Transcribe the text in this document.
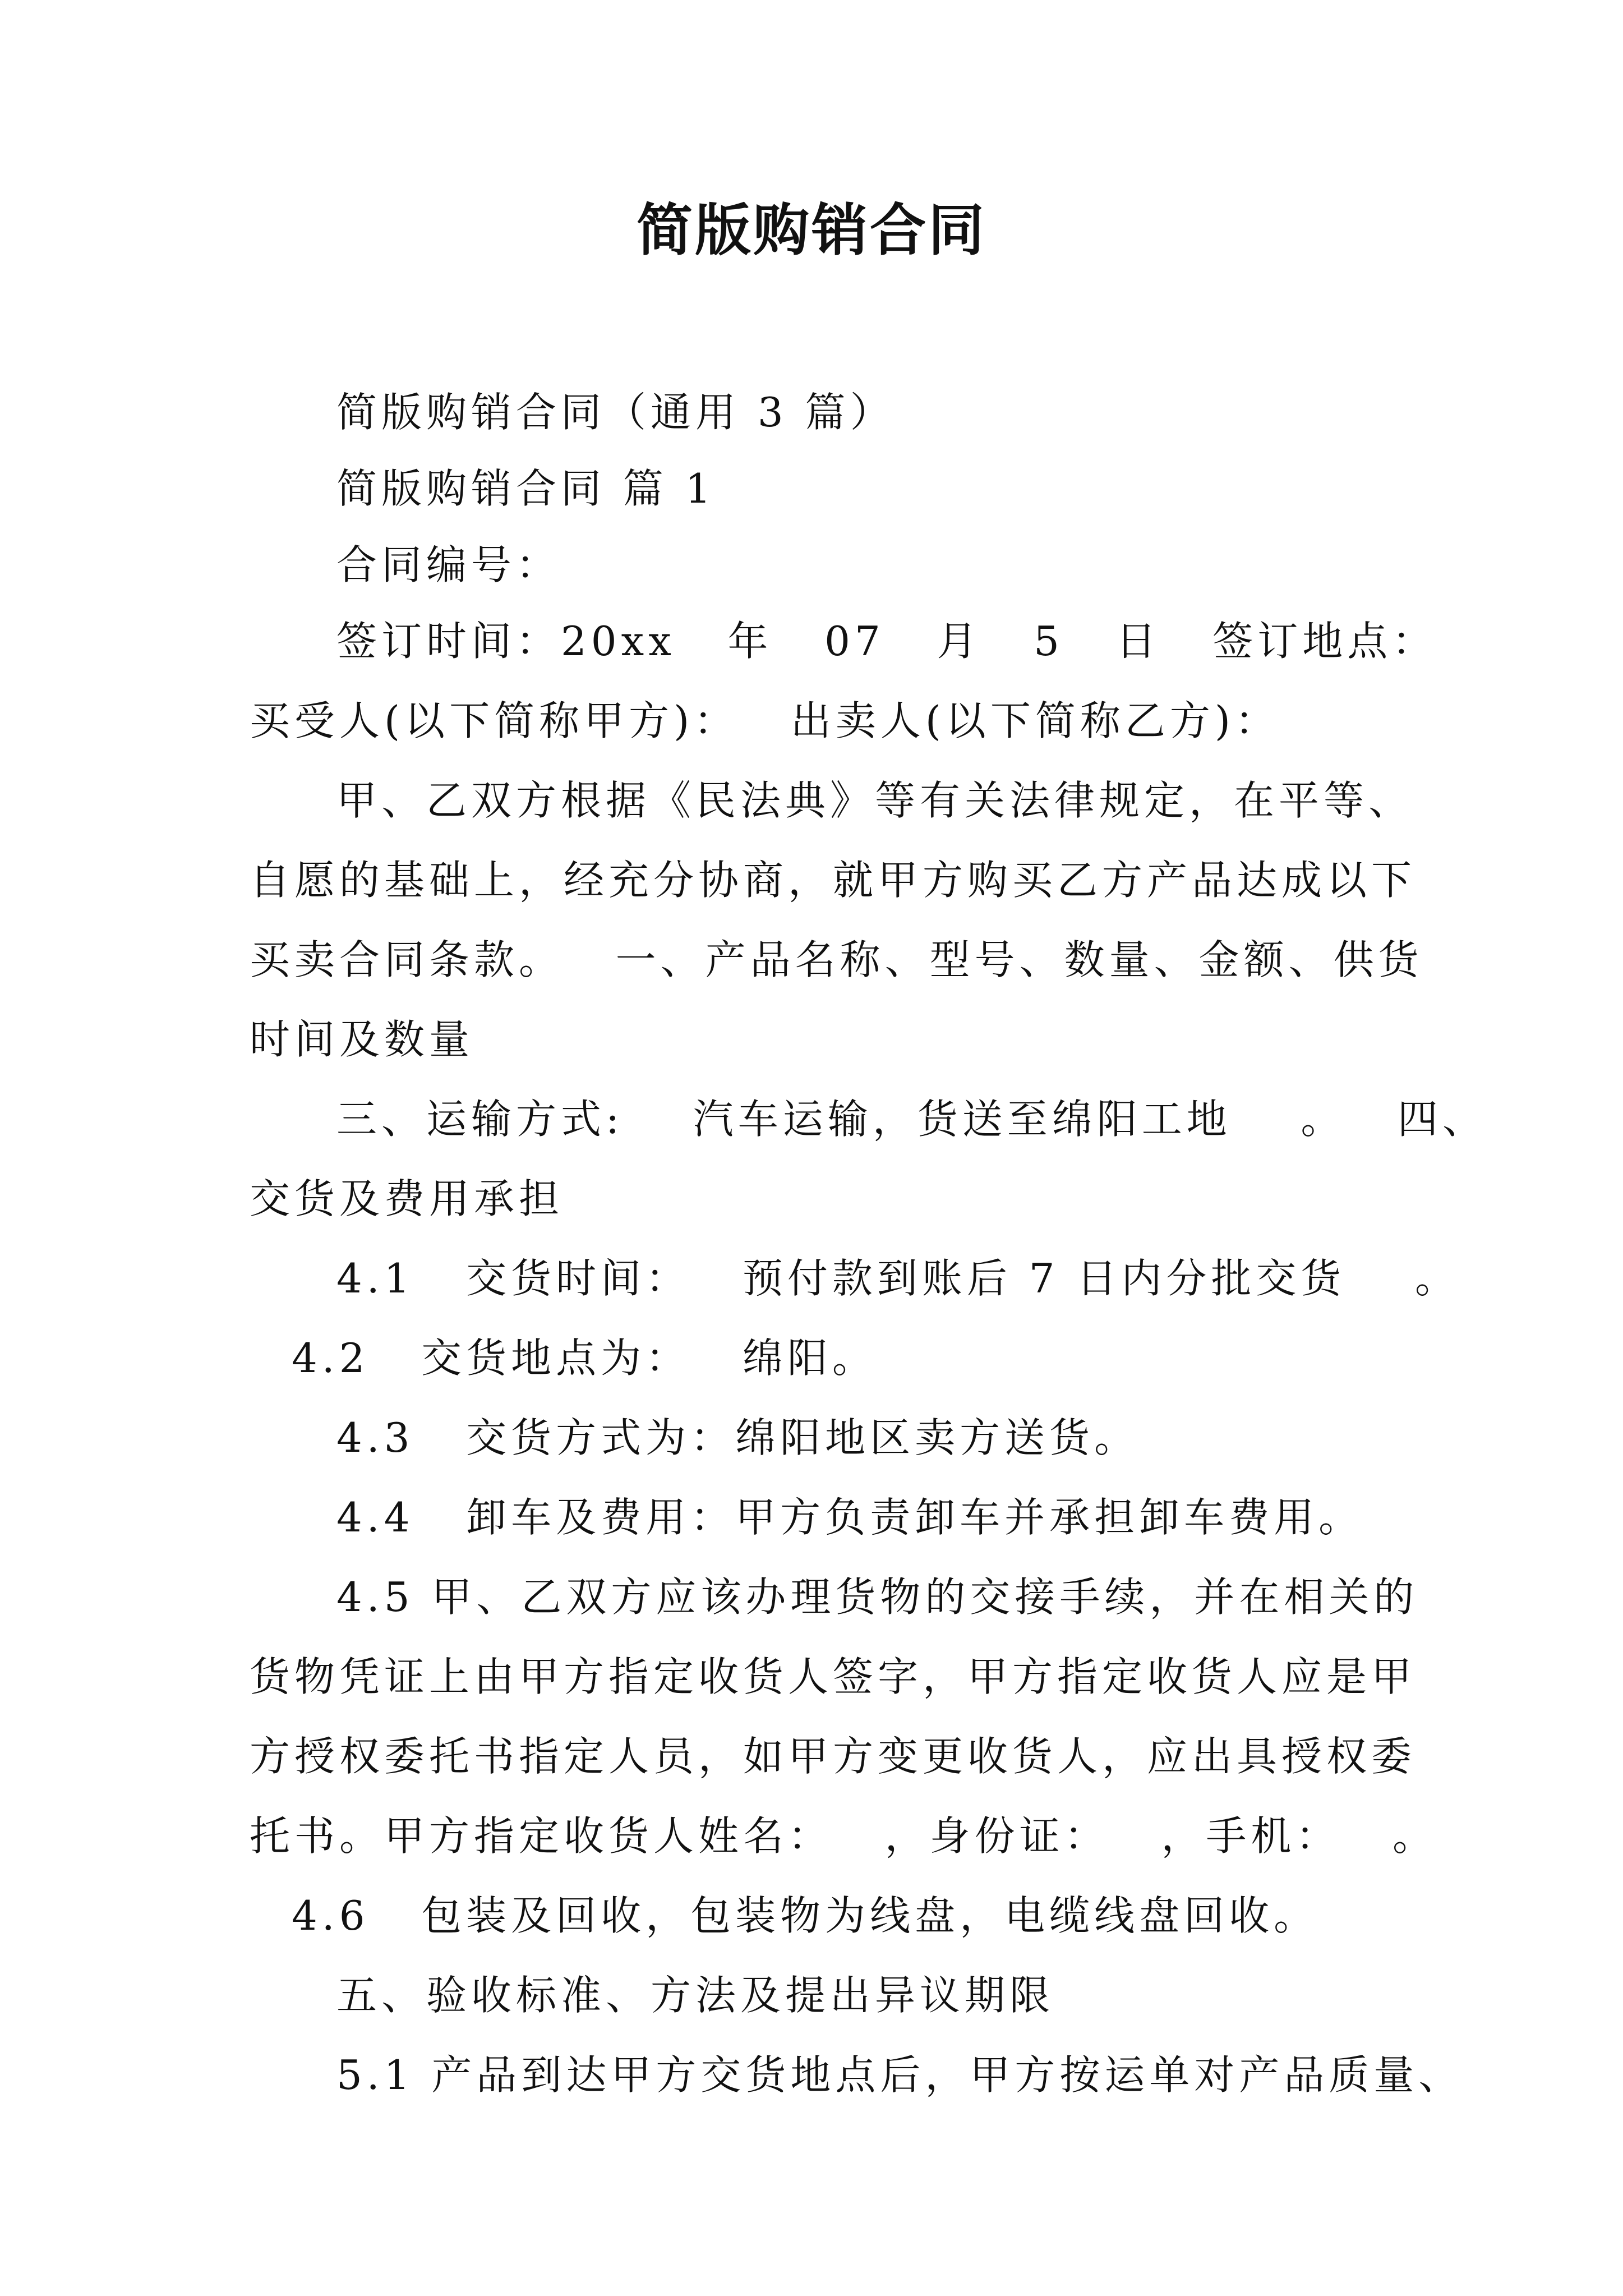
简版购销合同
简版购销合同（通用 3 篇）
简版购销合同 篇 1
合同编号：
签订时间：20xx   年   07   月   5   日   签订地点：
买受人(以下简称甲方)：   出卖人(以下简称乙方)：
甲、乙双方根据《民法典》等有关法律规定，在平等、
自愿的基础上，经充分协商，就甲方购买乙方产品达成以下
买卖合同条款。   一、产品名称、型号、数量、金额、供货
时间及数量
三、运输方式:    汽车运输，货送至绵阳工地    。   四、
交货及费用承担
4.1   交货时间：   预付款到账后 7 日内分批交货    。
4.2   交货地点为：   绵阳。
4.3   交货方式为：绵阳地区卖方送货。
4.4   卸车及费用：甲方负责卸车并承担卸车费用。
4.5 甲、乙双方应该办理货物的交接手续，并在相关的
货物凭证上由甲方指定收货人签字，甲方指定收货人应是甲
方授权委托书指定人员，如甲方变更收货人，应出具授权委
托书。甲方指定收货人姓名：   ，身份证：   ，手机：   。
4.6   包装及回收，包装物为线盘，电缆线盘回收。
五、验收标准、方法及提出异议期限
5.1 产品到达甲方交货地点后，甲方按运单对产品质量、
